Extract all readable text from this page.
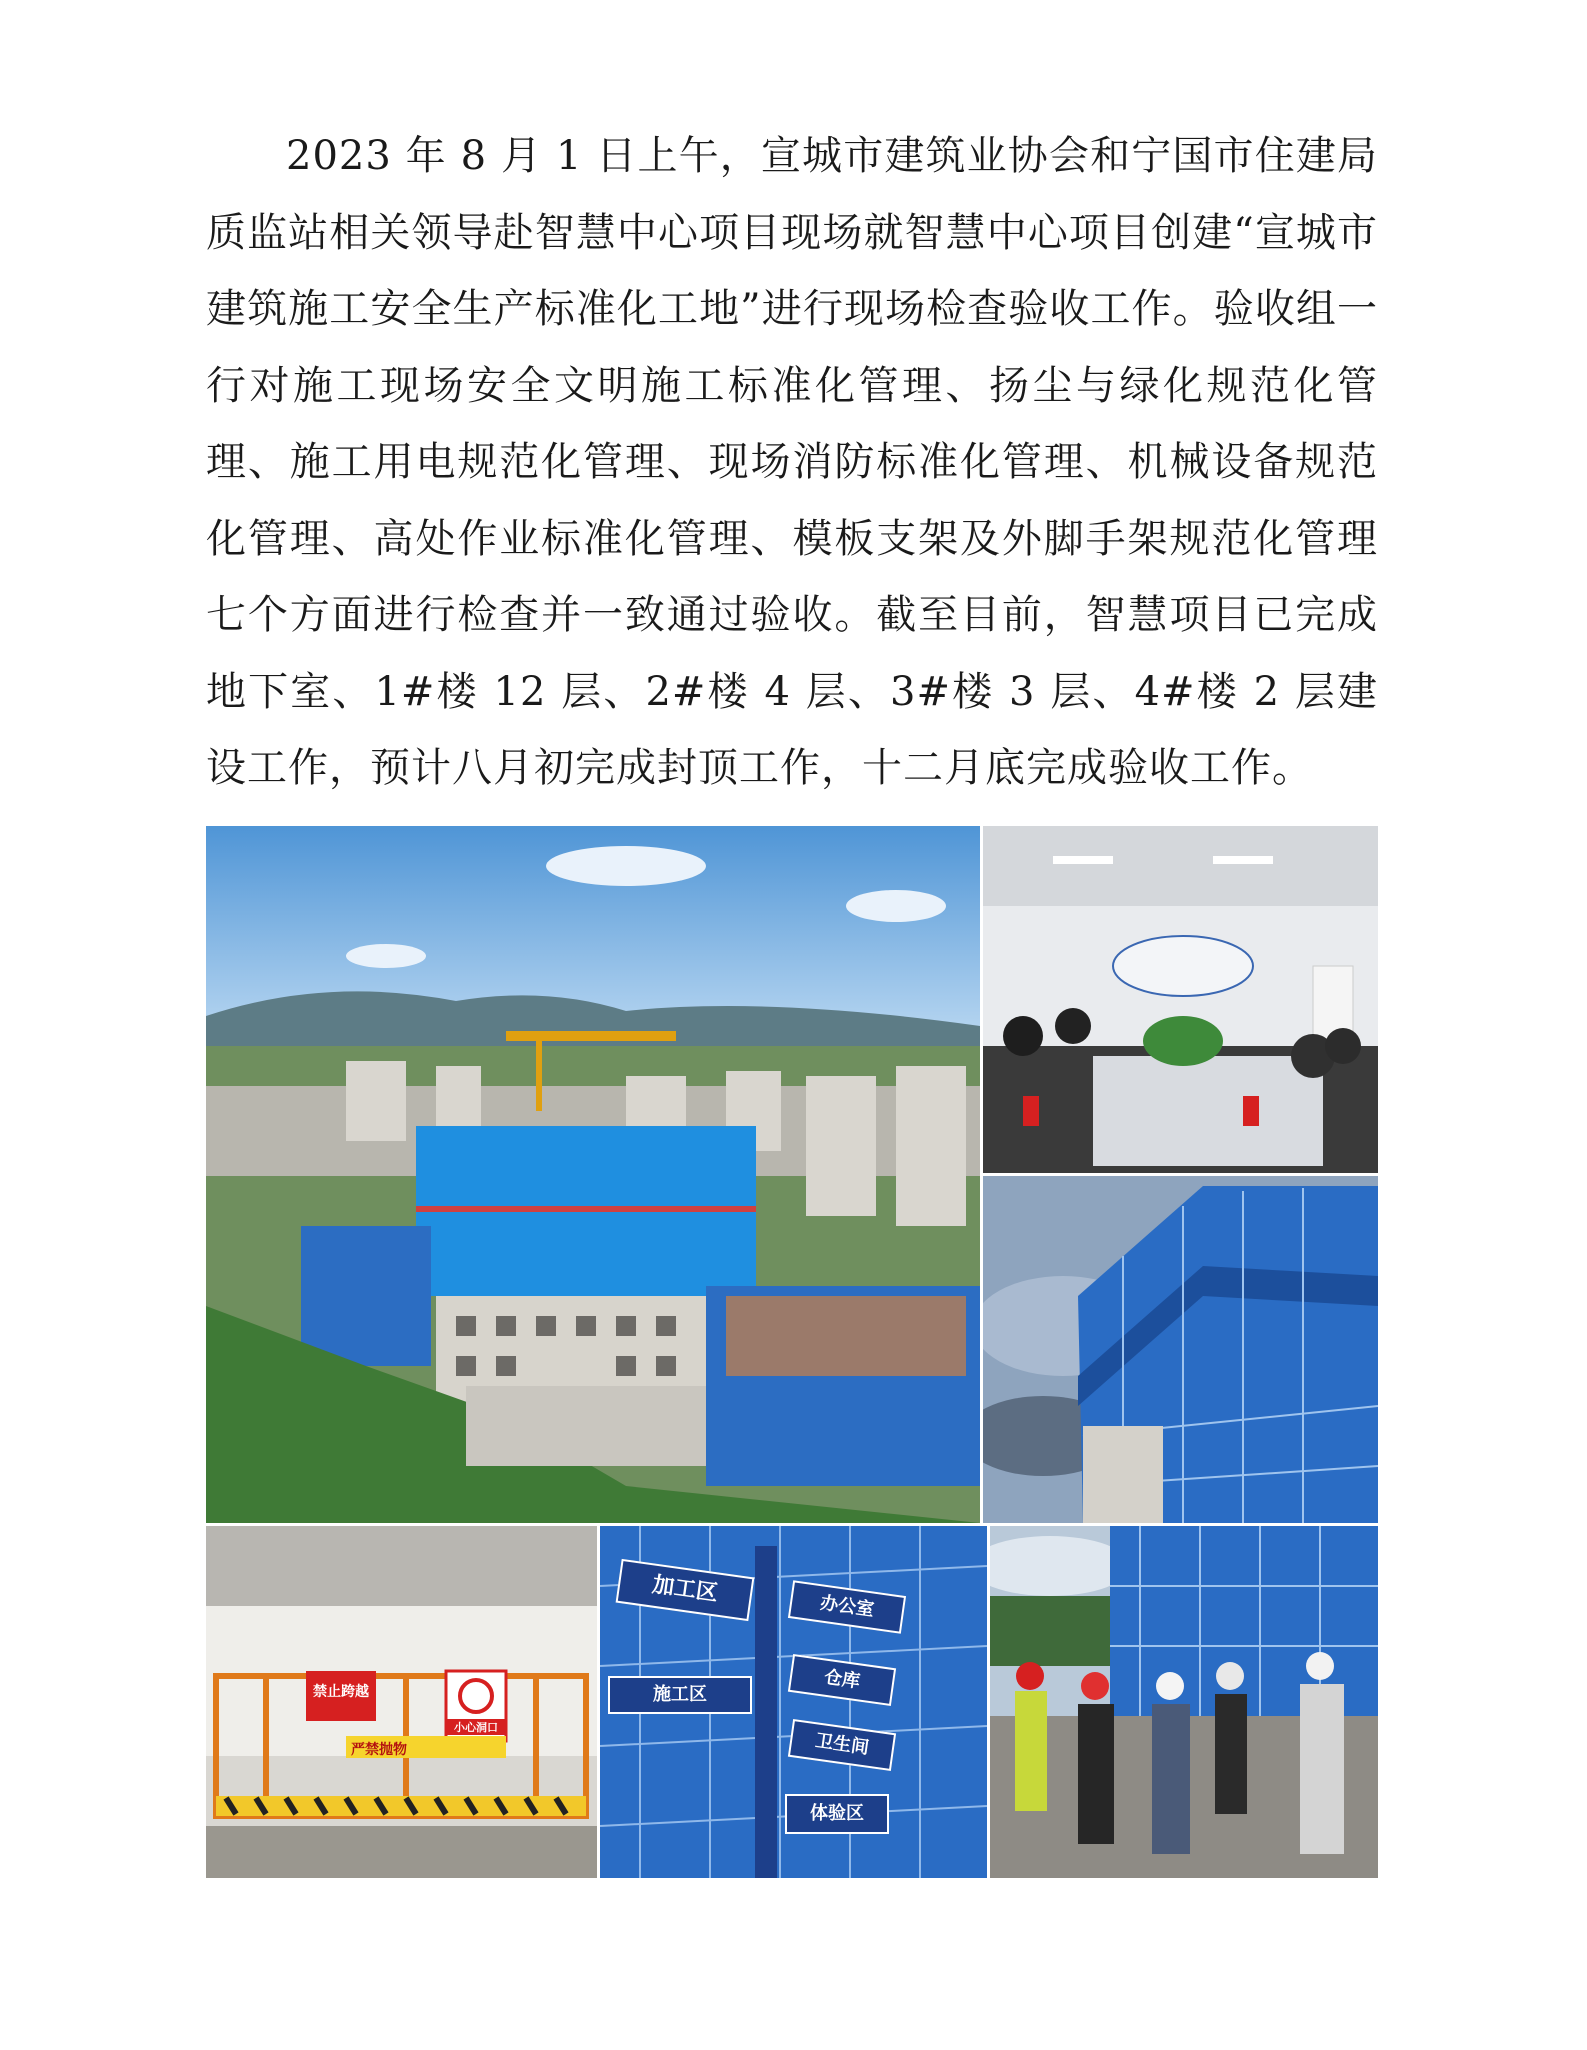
2023 年 8 月 1 日上午，宣城市建筑业协会和宁国市住建局质监站相关领导赴智慧中心项目现场就智慧中心项目创建“宣城市建筑施工安全生产标准化工地”进行现场检查验收工作。验收组一行对施工现场安全文明施工标准化管理、扬尘与绿化规范化管理、施工用电规范化管理、现场消防标准化管理、机械设备规范化管理、高处作业标准化管理、模板支架及外脚手架规范化管理七个方面进行检查并一致通过验收。截至目前，智慧项目已完成地下室、1#楼 12 层、2#楼 4 层、3#楼 3 层、4#楼 2 层建设工作，预计八月初完成封顶工作，十二月底完成验收工作。

禁止跨越
小心洞口
严禁抛物
加工区
办公室
仓库
施工区
卫生间
体验区
